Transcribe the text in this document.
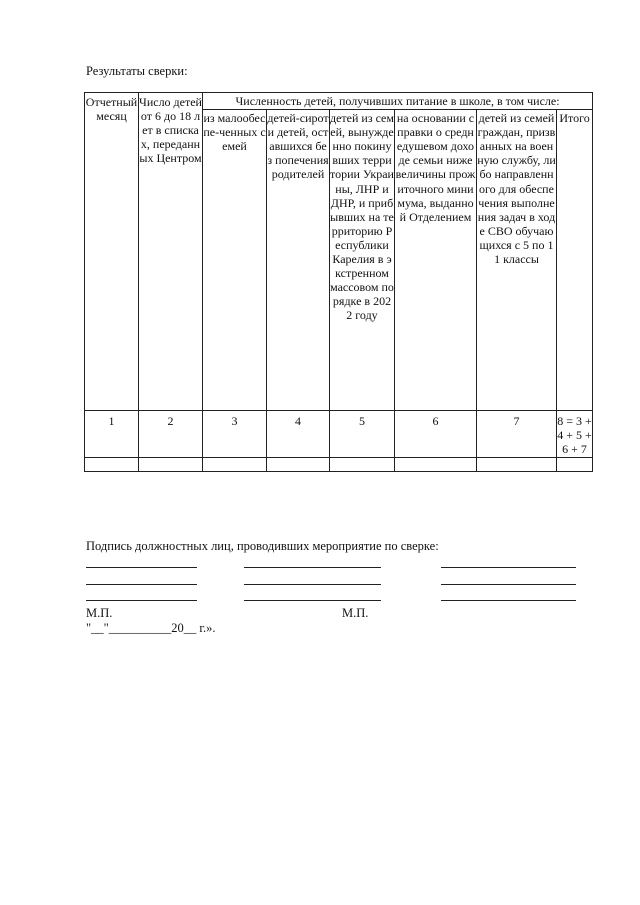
Результаты сверки:
Отчетный месяц	Число детей от 6 до 18 лет в списках, переданных Центром	Численность детей, получивших питание в школе, в том числе:					
		из малообеспе-ченных семей	детей-сирот и детей, оставшихся без попечения родителей	детей из семей, вынужденно покинувших территории Украины, ЛНР и ДНР, и прибывших на территорию Республики Карелия в экстренном массовом порядке в 2022 году	на основании справки о среднедушевом доходе семьи ниже величины прожиточного минимума, выданной Отделением	детей из семей граждан, призванных на военную службу, либо направленного для обеспечения выполнения задач в ходе СВО обучающихся с 5 по 11 классы	Итого
1	2	3	4	5	6	7	8 = 3 + 4 + 5 + 6 + 7

Подпись должностных лиц, проводивших мероприятие по сверке:
М.П.	М.П.
"__"__________20__ г.».
